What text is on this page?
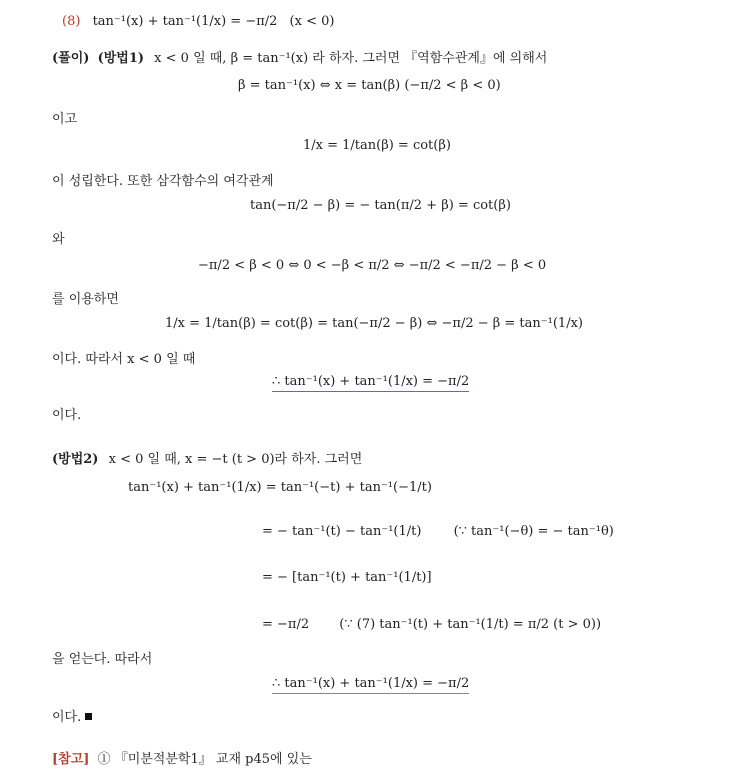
(8) tan⁻¹(x) + tan⁻¹(1/x) = −π/2 (x < 0)
(풀이) (방법1) x < 0 일 때, β = tan⁻¹(x) 라 하자. 그러면 『역함수관계』에 의해서
β = tan⁻¹(x) ⇔ x = tan(β) (−π/2 < β < 0)
이고
1/x = 1/tan(β) = cot(β)
이 성립한다. 또한 삼각함수의 여각관계
tan(−π/2 − β) = − tan(π/2 + β) = cot(β)
와
−π/2 < β < 0 ⇔ 0 < −β < π/2 ⇔ −π/2 < −π/2 − β < 0
를 이용하면
1/x = 1/tan(β) = cot(β) = tan(−π/2 − β) ⇔ −π/2 − β = tan⁻¹(1/x)
이다. 따라서 x < 0 일 때
∴ tan⁻¹(x) + tan⁻¹(1/x) = −π/2
이다.
(방법2) x < 0 일 때, x = −t (t > 0)라 하자. 그러면
tan⁻¹(x) + tan⁻¹(1/x) = tan⁻¹(−t) + tan⁻¹(−1/t)
= − tan⁻¹(t) − tan⁻¹(1/t) (∵ tan⁻¹(−θ) = − tan⁻¹θ)
= − [tan⁻¹(t) + tan⁻¹(1/t)]
= −π/2 (∵ (7) tan⁻¹(t) + tan⁻¹(1/t) = π/2 (t > 0))
을 얻는다. 따라서
∴ tan⁻¹(x) + tan⁻¹(1/x) = −π/2
이다.
[참고] ① 『미분적분학1』 교재 p45에 있는
